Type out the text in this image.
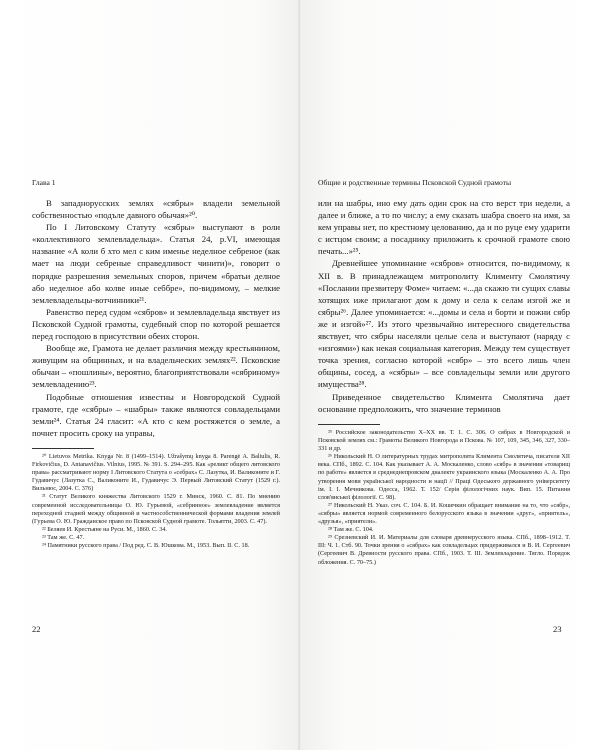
Глава 1

В западнорусских землях «сябры» владели земельной собственностью «подъле давного обычая»²⁰.

По I Литовскому Статуту «сябры» выступают в роли «коллективного землевладельца». Статья 24, p.VI, имеющая название «А коли б хто мел с ким именье неделное себреное (как мает на люди себреные справедливост чинити)», говорит о порядке разрешения земельных споров, причем «братьи делное або неделное або колве иные себбре», по-видимому, – мелкие землевладельцы-вотчинники²¹.

Равенство перед судом «сябров» и землевладельца явствует из Псковской Судной грамоты, судебный спор по которой решается перед господою в присутствии обеих сторон.

Вообще же, Грамота не делает различия между крестьянином, живущим на общинных, и на владельческих землях²². Псковские обычаи – «пошлины», вероятно, благоприятствовали «сябриному» землевладению²³.

Подобные отношения известны и Новгородской Судной грамоте, где «сябры» – «шабры» также являются совладельцами земли²⁴. Статья 24 гласит: «А кто с кем ростяжется о земле, а почнет просить сроку на управы,

²⁰ Lietuvos Metrika. Knyga Nr. 8 (1499–1514). Užrašymų knyga 8. Parengė A. Baliulis, R. Firkovičius, D. Antanavičius. Vilnius, 1995. № 391. S. 294–295. Как «реликт общего литовского права» рассматривают норму I Литовского Статута о «себрах» С. Лазутка, И. Валиконите и Г. Гудавичус (Лазутка С., Валиконите И., Гудавичус Э. Первый Литовский Статут (1529 г.). Вильнюс, 2004. С. 376)

²¹ Статут Великого княжества Литовского 1529 г. Минск, 1960. С. 81. По мнению современной исследовательницы О. Ю. Гурьевой, «себринное» землевладение является переходной стадией между общинной и частнособственнической формами владения землей (Гурьева О. Ю. Гражданское право по Псковской Судной грамоте. Тольятти, 2003. С. 47).

²² Беляев И. Крестьяне на Руси. М., 1860. С. 34.

²³ Там же. С. 47.

²⁴ Памятники русского права / Под ред. С. В. Юшкова. М., 1953. Вып. II. С. 18.

22
Общие и родственные термины Псковской Судной грамоты

или на шабры, ино ему дать один срок на сто верст три недели, а далее и ближе, а то по числу; а ему сказать шабра своего на имя, за кем управы нет, по крестному целованию, да и по руце ему ударити с истцом своим; а посаднику приложить к срочной грамоте свою печать...»²⁵.

Древнейшее упоминание «сябров» относится, по-видимому, к XII в. В принадлежащем митрополиту Клименту Смолятичу «Послании презвитеру Фоме» читаем: «...да скажю ти сущих славы хотящих иже прилагают дом к дому и села к селам изгой же и сябры²⁶. Далее упоминается: «...домы и села и борти и пожни сябр же и изгой»²⁷. Из этого чрезвычайно интересного свидетельства явствует, что сябры населяли целые села и выступают (наряду с «изгоями») как некая социальная категория. Между тем существует точка зрения, согласно которой «сябр» – это всего лишь член общины, сосед, а «сябры» – все совладельцы земли или другого имущества²⁸.

Приведенное свидетельство Климента Смолятича дает основание предположить, что значение терминов

²⁵ Российское законодательство X–XX вв. Т. 1. С. 306. О сябрах в Новгородской и Псковской землях см.: Грамоты Великого Новгорода и Пскова. № 107, 109, 345, 346, 327, 330–331 и др.

²⁶ Никольский Н. О литературных трудах митрополита Климента Смолятича, писателя XII века. СПб., 1892. С. 104. Как указывает А. А. Москаленко, слово «сябр» в значении «товарищ по работе» является в среднеднепровском диалекте украинского языка (Москаленко А. А. Про утворення мови української народности и нації // Праці Одеського державного університету ім. І. І. Мечникова. Одесса, 1962. Т. 152/ Серія філологічних наук. Вип. 15. Питання слов'янської філології. С. 98).

²⁷ Никольский Н. Указ. соч. С. 104. Б. И. Кошечкин обращает внимание на то, что «сябр», «сябры» является нормой современного белорусского языка в значении «друг», «приятель», «друзья», «приятели».

²⁸ Там же. С. 104.

²⁹ Срезневский И. И. Материалы для словаря древнерусского языка. СПб., 1898–1912. Т. III: Ч. 1. Стб. 90. Точки зрения о «сябрах» как совладельцах придерживался и В. И. Сергеевич (Сергеевич В. Древности русского права. СПб., 1903. Т. III. Землевладение. Тягло. Порядок обложения. С. 70–75.)

23
